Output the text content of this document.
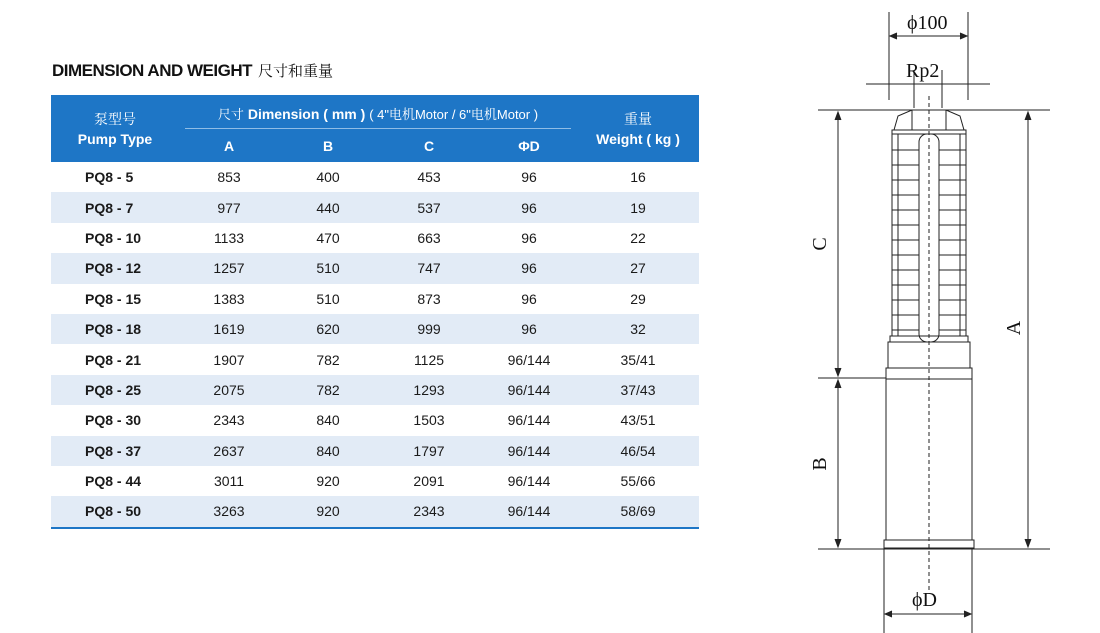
DIMENSION AND WEIGHT 尺寸和重量
泵型号
Pump Type	尺寸 Dimension ( mm ) ( 4"电机Motor / 6"电机Motor )				重量
Weight ( kg )

	A	B	C	ΦD	
PQ8 - 5	853	400	453	96	16
PQ8 - 7	977	440	537	96	19
PQ8 - 10	1133	470	663	96	22
PQ8 - 12	1257	510	747	96	27
PQ8 - 15	1383	510	873	96	29
PQ8 - 18	1619	620	999	96	32
PQ8 - 21	1907	782	1125	96/144	35/41
PQ8 - 25	2075	782	1293	96/144	37/43
PQ8 - 30	2343	840	1503	96/144	43/51
PQ8 - 37	2637	840	1797	96/144	46/54
PQ8 - 44	3011	920	2091	96/144	55/66
PQ8 - 50	3263	920	2343	96/144	58/69
ϕ100
Rp2
C
B
A
ϕD
